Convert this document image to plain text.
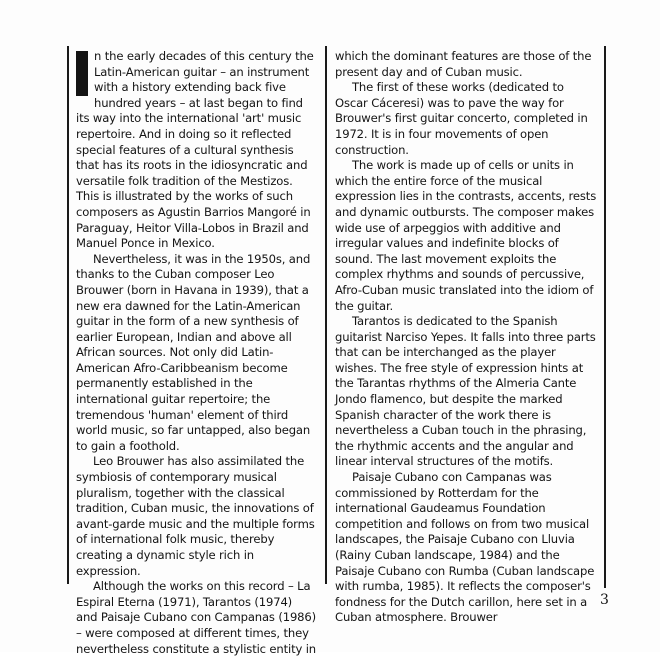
n the early decades of this century the Latin-American guitar – an instrument with a history extending back five hundred years – at last began to find its way into the international 'art' music repertoire. And in doing so it reflected special features of a cultural synthesis that has its roots in the idiosyncratic and versatile folk tradition of the Mestizos. This is illustrated by the works of such composers as Agustin Barrios Mangoré in Paraguay, Heitor Villa-Lobos in Brazil and Manuel Ponce in Mexico.

Nevertheless, it was in the 1950s, and thanks to the Cuban composer Leo Brouwer (born in Havana in 1939), that a new era dawned for the Latin-American guitar in the form of a new synthesis of earlier European, Indian and above all African sources. Not only did Latin-American Afro-Caribbeanism become permanently established in the international guitar repertoire; the tremendous 'human' element of third world music, so far untapped, also began to gain a foothold.

Leo Brouwer has also assimilated the symbiosis of contemporary musical pluralism, together with the classical tradition, Cuban music, the innovations of avant-garde music and the multiple forms of international folk music, thereby creating a dynamic style rich in expression.

Although the works on this record – La Espiral Eterna (1971), Tarantos (1974) and Paisaje Cubano con Campanas (1986) – were composed at different times, they nevertheless constitute a stylistic entity in

which the dominant features are those of the present day and of Cuban music.

The first of these works (dedicated to Oscar Cáceresi) was to pave the way for Brouwer's first guitar concerto, completed in 1972. It is in four movements of open construction.

The work is made up of cells or units in which the entire force of the musical expression lies in the contrasts, accents, rests and dynamic outbursts. The composer makes wide use of arpeggios with additive and irregular values and indefinite blocks of sound. The last movement exploits the complex rhythms and sounds of percussive, Afro-Cuban music translated into the idiom of the guitar.

Tarantos is dedicated to the Spanish guitarist Narciso Yepes. It falls into three parts that can be interchanged as the player wishes. The free style of expression hints at the Tarantas rhythms of the Almeria Cante Jondo flamenco, but despite the marked Spanish character of the work there is nevertheless a Cuban touch in the phrasing, the rhythmic accents and the angular and linear interval structures of the motifs.

Paisaje Cubano con Campanas was commissioned by Rotterdam for the international Gaudeamus Foundation competition and follows on from two musical landscapes, the Paisaje Cubano con Lluvia (Rainy Cuban landscape, 1984) and the Paisaje Cubano con Rumba (Cuban landscape with rumba, 1985). It reflects the composer's fondness for the Dutch carillon, here set in a Cuban atmosphere. Brouwer

3
